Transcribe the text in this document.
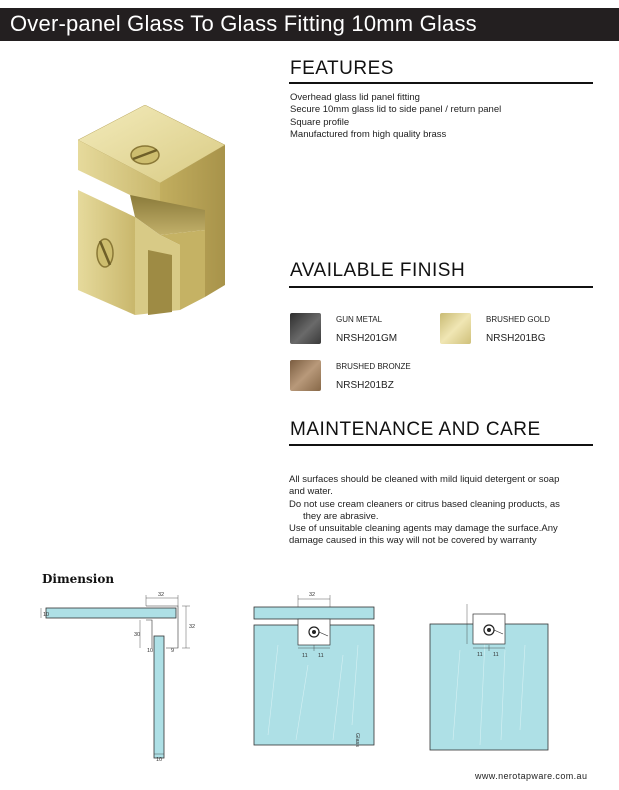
Over-panel Glass To Glass Fitting 10mm Glass
FEATURES
Overhead glass lid panel fitting
Secure 10mm glass lid to side panel / return panel
Square profile
Manufactured from high quality brass
AVAILABLE FINISH
GUN METAL
NRSH201GM
BRUSHED GOLD
NRSH201BG
BRUSHED BRONZE
NRSH201BZ
MAINTENANCE AND CARE
All surfaces should be cleaned with mild liquid detergent or soap
and water.
Do not use cream cleaners or citrus based cleaning products, as
they are abrasive.
Use of unsuitable cleaning agents may damage the surface.Any
damage caused in this way will not be covered by warranty
Dimension
32
32
10
30
10	9
10
32
11 11
Glass
11 11
www.nerotapware.com.au
